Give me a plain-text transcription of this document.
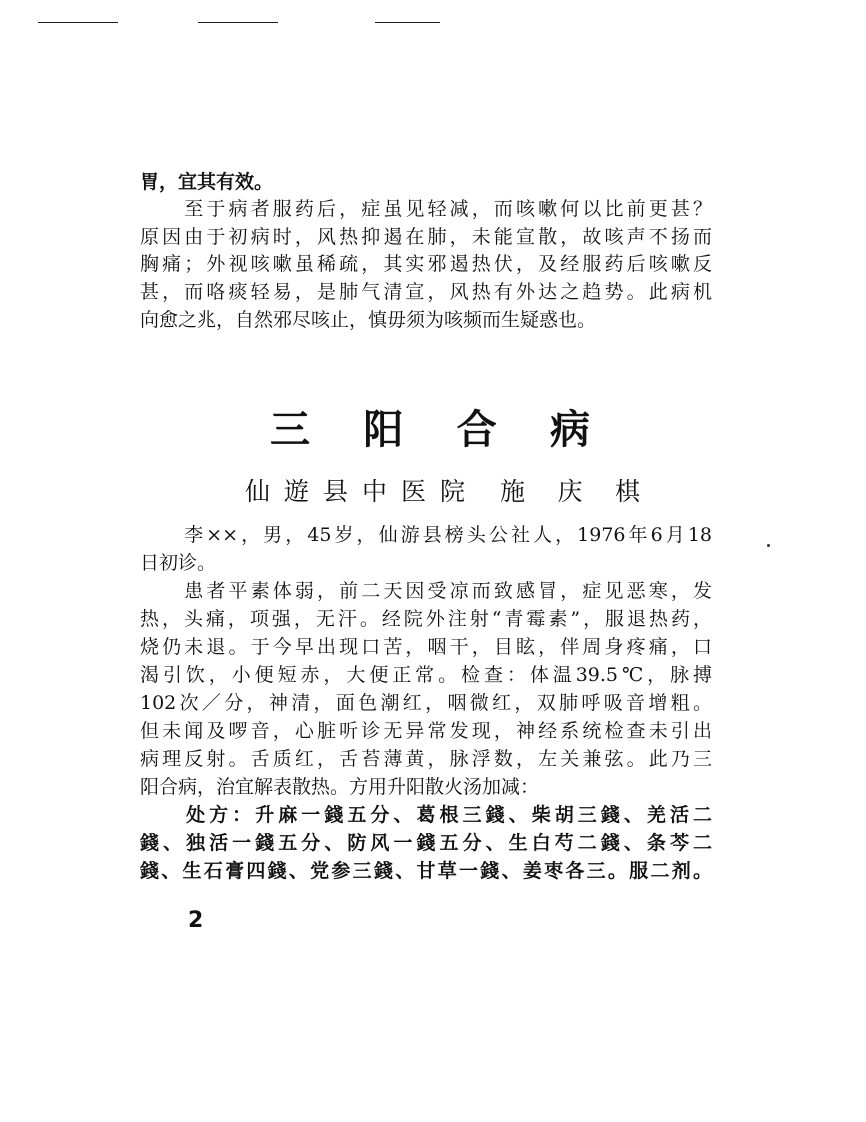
胃，宜其有效。
　　至于病者服药后，症虽见轻减，而咳嗽何以比前更甚？
原因由于初病时，风热抑遏在肺，未能宣散，故咳声不扬而
胸痛；外视咳嗽虽稀疏，其实邪遏热伏，及经服药后咳嗽反
甚，而咯痰轻易，是肺气清宣，风热有外达之趋势。此病机
向愈之兆，自然邪尽咳止，慎毋须为咳频而生疑惑也。
三 阳 合 病
仙遊县中医院 施庆棋
　　李××，男，45岁，仙游县榜头公社人，1976年6月18
日初诊。
　　患者平素体弱，前二天因受凉而致感冒，症见恶寒，发
热，头痛，项强，无汗。经院外注射“青霉素”，服退热药，
烧仍未退。于今早出现口苦，咽干，目眩，伴周身疼痛，口
渴引饮，小便短赤，大便正常。检查：体温39.5℃，脉搏
102次／分，神清，面色潮红，咽微红，双肺呼吸音增粗。
但未闻及啰音，心脏听诊无异常发现，神经系统检查未引出
病理反射。舌质红，舌苔薄黄，脉浮数，左关兼弦。此乃三
阳合病，治宜解表散热。方用升阳散火汤加减：
　　处方：升麻一錢五分、葛根三錢、柴胡三錢、羌活二
錢、独活一錢五分、防风一錢五分、生白芍二錢、条芩二
錢、生石膏四錢、党参三錢、甘草一錢、姜枣各三。服二剂。
2
